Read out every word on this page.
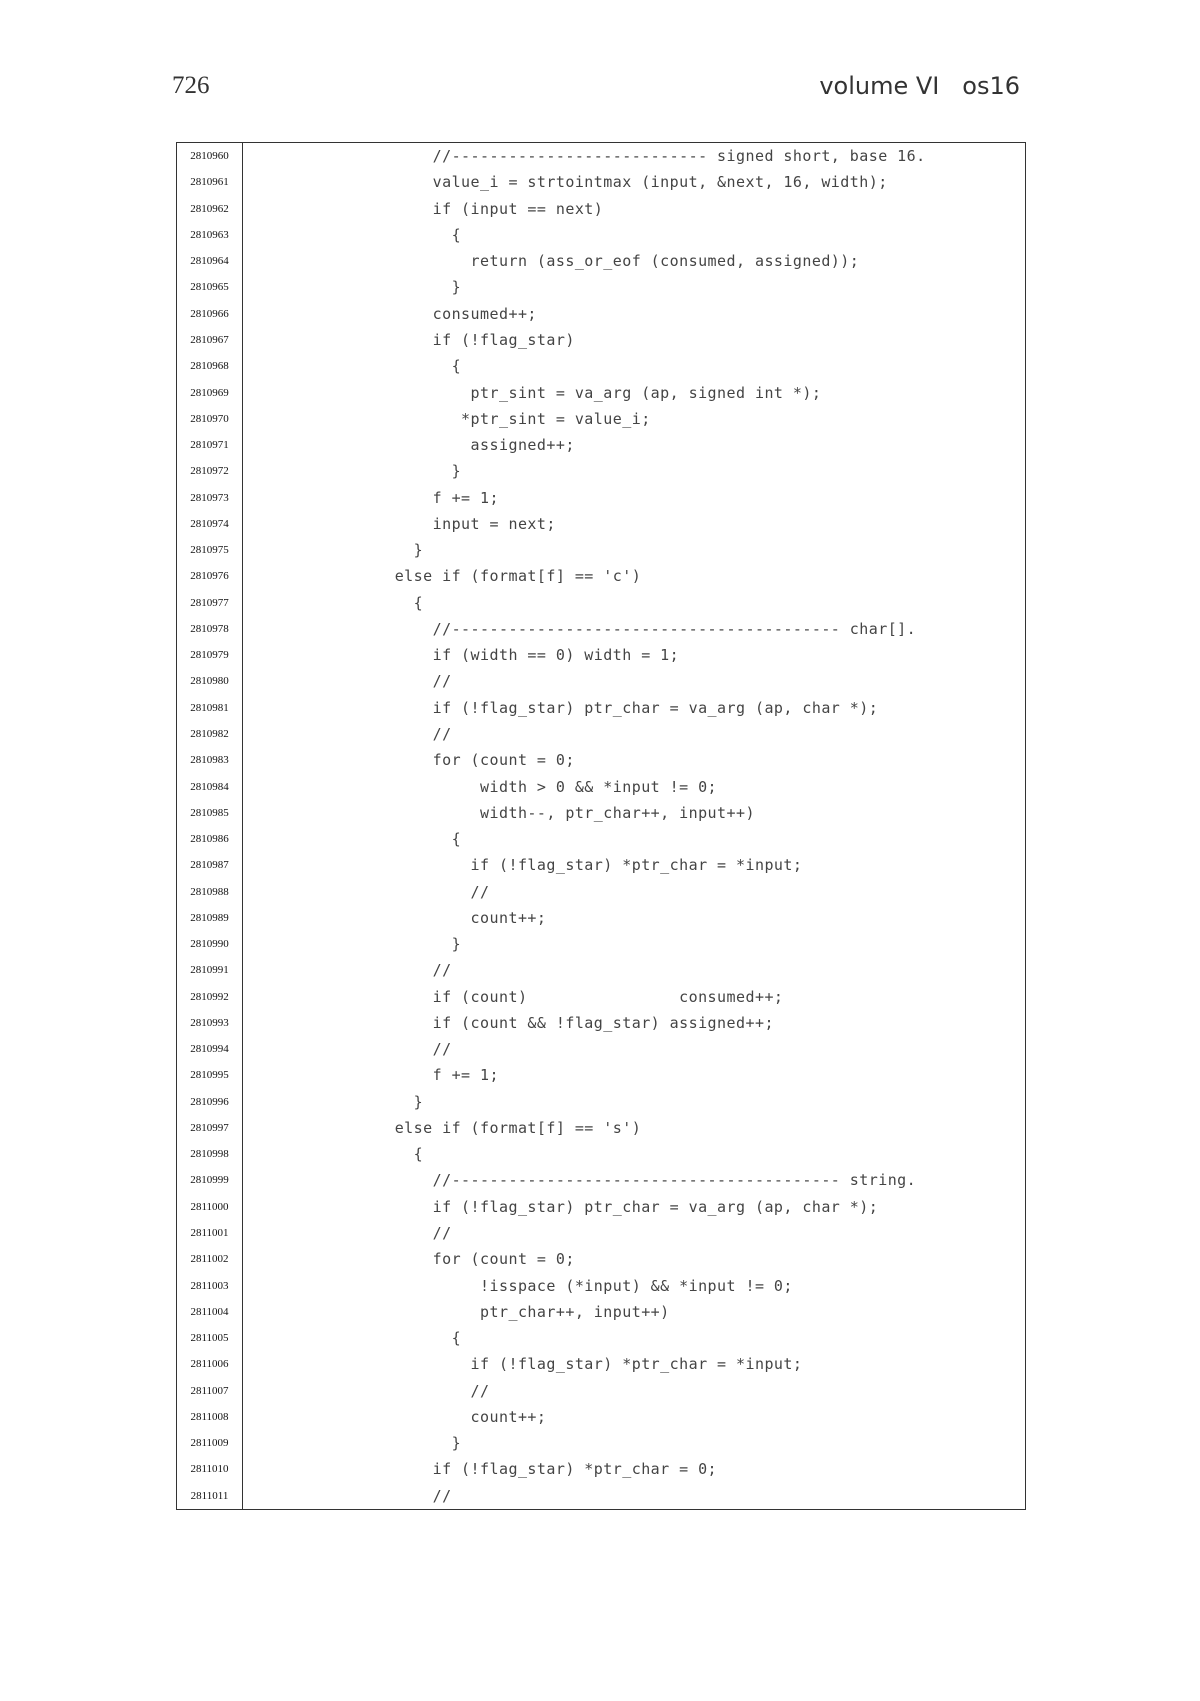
726	volume VI   os16
2810960
2810961
2810962
2810963
2810964
2810965
2810966
2810967
2810968
2810969
2810970
2810971
2810972
2810973
2810974
2810975
2810976
2810977
2810978
2810979
2810980
2810981
2810982
2810983
2810984
2810985
2810986
2810987
2810988
2810989
2810990
2810991
2810992
2810993
2810994
2810995
2810996
2810997
2810998
2810999
2811000
2811001
2811002
2811003
2811004
2811005
2811006
2811007
2811008
2811009
2811010
2811011
//--------------------------- signed short, base 16.
value_i = strtointmax (input, &next, 16, width);
if (input == next)
{
return (ass_or_eof (consumed, assigned));
}
consumed++;
if (!flag_star)
{
ptr_sint = va_arg (ap, signed int *);
*ptr_sint = value_i;
assigned++;
}
f += 1;
input = next;
}
else if (format[f] == 'c')
{
//----------------------------------------- char[].
if (width == 0) width = 1;
//
if (!flag_star) ptr_char = va_arg (ap, char *);
//
for (count = 0;
width > 0 && *input != 0;
width--, ptr_char++, input++)
{
if (!flag_star) *ptr_char = *input;
//
count++;
}
//
if (count)                consumed++;
if (count && !flag_star) assigned++;
//
f += 1;
}
else if (format[f] == 's')
{
//----------------------------------------- string.
if (!flag_star) ptr_char = va_arg (ap, char *);
//
for (count = 0;
!isspace (*input) && *input != 0;
ptr_char++, input++)
{
if (!flag_star) *ptr_char = *input;
//
count++;
}
if (!flag_star) *ptr_char = 0;
//
